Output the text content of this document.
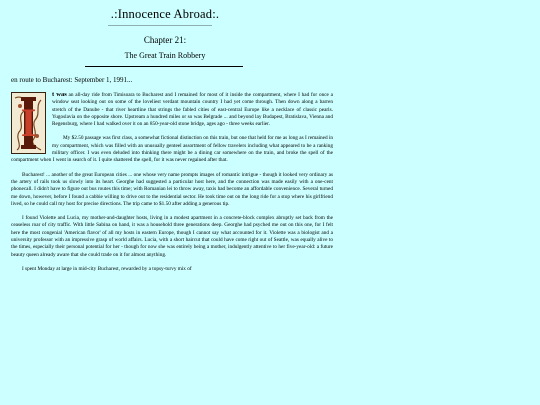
.:Innocence Abroad:.
Chapter 21:
The Great Train Robbery
en route to Bucharest: September 1, 1991...

I
t was an all-day ride from Timisoara to Bucharest and I remained for most of it inside the compartment, where I had for once a window seat looking out on some of the loveliest verdant mountain country I had yet come through. Then down along a barren stretch of the Danube - that river heartline that strings the fabled cities of east-central Europe like a necklace of classic pearls. Yugoslavia on the opposite shore. Upstream a hundred miles or so was Belgrade ... and beyond lay Budapest, Bratislava, Vienna and Regensburg, where I had walked over it on an 850-year-old stone bridge, ages ago - three weeks earlier.

My $2.50 passage was first class, a somewhat fictional distinction on this train, but one that held for me as long as I remained in my compartment, which was filled with an unusually genteel assortment of fellow travelers including what appeared to be a ranking military officer. I was even deluded into thinking there might be a dining car somewhere on the train, and broke the spell of the compartment when I went in search of it. I quite shattered the spell, for it was never regained after that.

Bucharest! ... another of the great European cities ... one whose very name prompts images of romantic intrigue - though it looked very ordinary as the artery of rails took us slowly into its heart. Georghe had suggested a particular host here, and the connection was made easily with a one-cent phonecall. I didn't have to figure out bus routes this time; with Romanian lei to throw away, taxis had become an affordable convenience. Several turned me down, however, before I found a cabbie willing to drive out to the residential sector. He took time out on the long ride for a stop where his girlfriend lived, so he could call my host for precise directions. The trip came to $1.50 after adding a generous tip.

I found Violette and Lucia, my mother-and-daughter hosts, living in a modest apartment in a concrete-block complex abruptly set back from the ceaseless roar of city traffic. With little Sabina on hand, it was a household three generations deep. Georghe had psyched me out on this one, for I felt here the most congenial 'American flavor' of all my hosts in eastern Europe, though I cannot say what accounted for it. Violette was a biologist and a university professor with an impressive grasp of world affairs. Lucia, with a short haircut that could have come right out of Seattle, was equally alive to the times, especially their personal potential for her - though for now she was entirely being a mother, indulgently attentive to her five-year-old: a future beauty queen already aware that she could trade on it for almost anything.

I spent Monday at large in mid-city Bucharest, rewarded by a topsy-turvy mix of
